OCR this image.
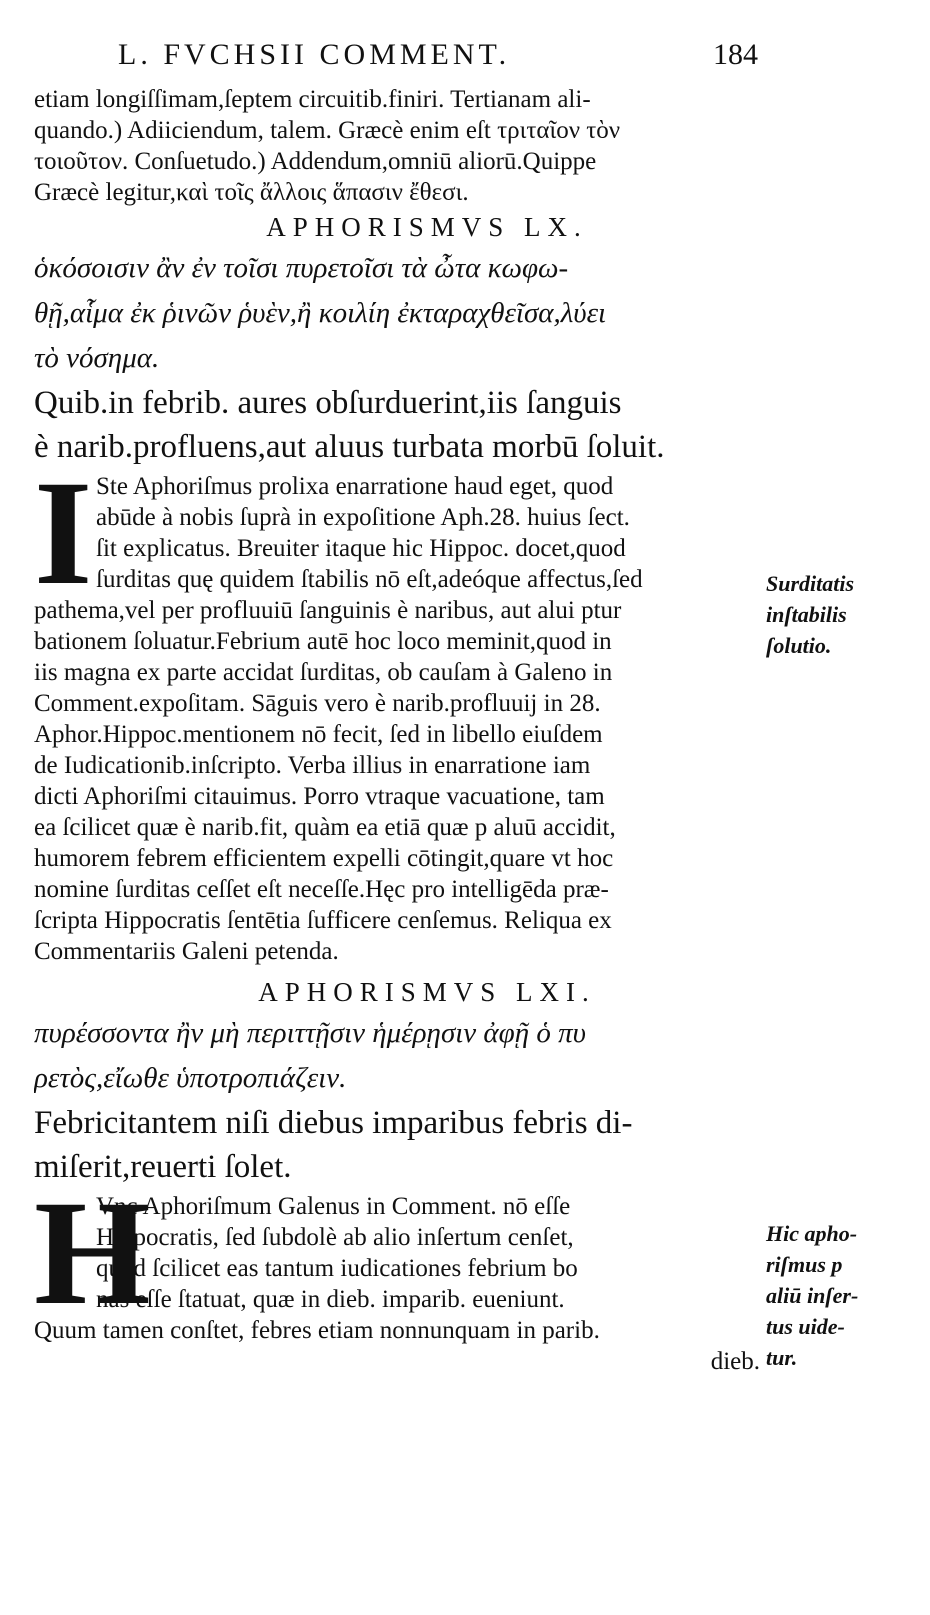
L. FVCHSII COMMENT.	184
etiam longiſſimam,ſeptem circuitib.finiri. Tertianam ali-
quando.) Adiiciendum, talem. Græcè enim eſt τριταῖον τὸν
τοιοῦτον. Conſuetudo.) Addendum,omniū aliorū.Quippe
Græcè legitur,καὶ τοῖς ἄλλοις ἅπασιν ἔθεσι.
APHORISMVS LX.
ὁκόσοισιν ἂν ἐν τοῖσι πυρετοῖσι τὰ ὦτα κωφω-
θῇ,αἷμα ἐκ ῥινῶν ῥυὲν,ἢ κοιλίη ἐκταραχθεῖσα,λύει
τὸ νόσημα.
Quib.in febrib. aures obſurduerint,iis ſanguis
è narib.profluens,aut aluus turbata morbū ſoluit.
I Ste Aphoriſmus prolixa enarratione haud eget, quod
abūde à nobis ſuprà in expoſitione Aph.28. huius ſect.
ſit explicatus. Breuiter itaque hic Hippoc. docet,quod
ſurditas quę quidem ſtabilis nō eſt,adeóque affectus,ſed
pathema,vel per profluuiū ſanguinis è naribus, aut alui ptur
bationem ſoluatur.Febrium autē hoc loco meminit,quod in
iis magna ex parte accidat ſurditas, ob cauſam à Galeno in
Comment.expoſitam. Sāguis vero è narib.profluuij in 28.
Aphor.Hippoc.mentionem nō fecit, ſed in libello eiuſdem
de Iudicationib.inſcripto. Verba illius in enarratione iam
dicti Aphoriſmi citauimus. Porro vtraque vacuatione, tam
ea ſcilicet quæ è narib.fit, quàm ea etiā quæ p aluū accidit,
humorem febrem efficientem expelli cōtingit,quare vt hoc
nomine ſurditas ceſſet eſt neceſſe.Hęc pro intelligēda præ-
ſcripta Hippocratis ſentētia ſufficere cenſemus. Reliqua ex
Commentariis Galeni petenda.
APHORISMVS LXI.
πυρέσσοντα ἢν μὴ περιττῇσιν ἡμέρῃσιν ἀφῇ ὁ πυ
ρετὸς,εἴωθε ὑποτροπιάζειν.
Febricitantem niſi diebus imparibus febris di-
miſerit,reuerti ſolet.
H
Vnc Aphoriſmum Galenus in Comment. nō eſſe
Hippocratis, ſed ſubdolè ab alio inſertum cenſet,
quod ſcilicet eas tantum iudicationes febrium bo
nas eſſe ſtatuat, quæ in dieb. imparib. eueniunt.
Quum tamen conſtet, febres etiam nonnunquam in parib.
dieb.
Surditatis
inſtabilis
ſolutio.
Hic apho-
riſmus p
aliū inſer-
tus uide-
tur.
